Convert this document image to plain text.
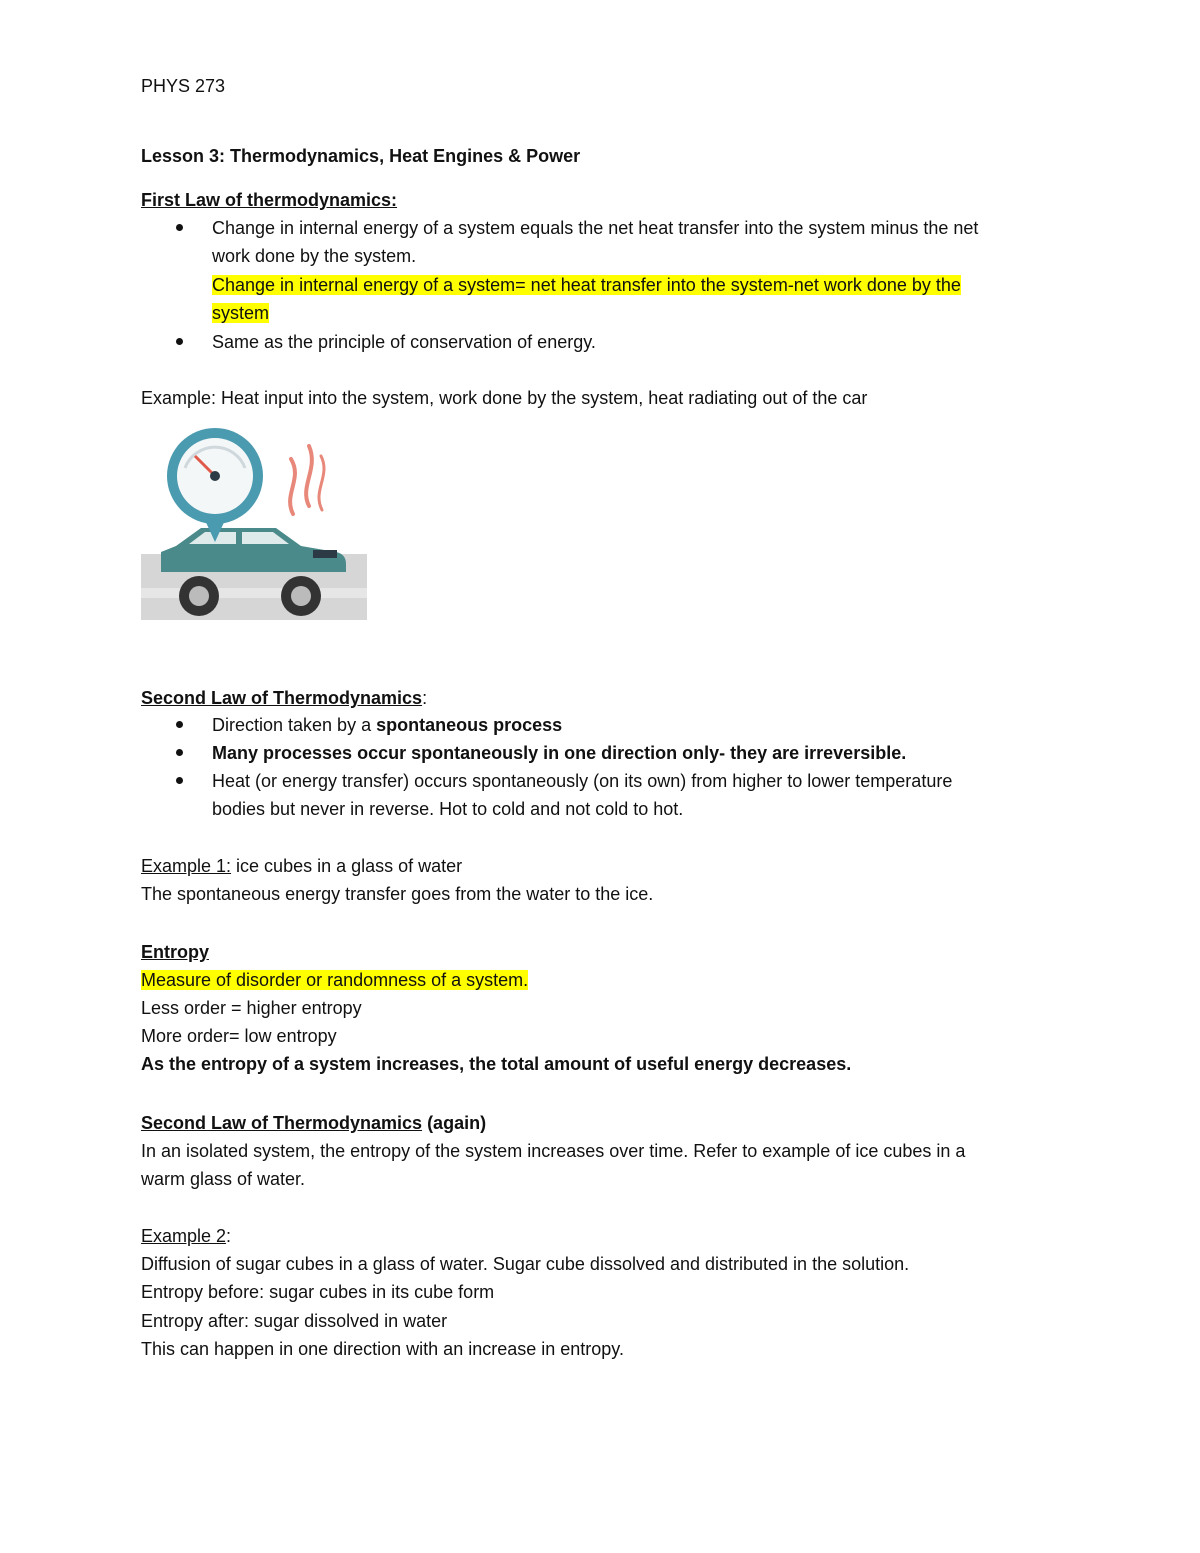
PHYS 273
Lesson 3: Thermodynamics, Heat Engines & Power
First Law of thermodynamics:
Change in internal energy of a system equals the net heat transfer into the system minus the net
work done by the system.
Change in internal energy of a system= net heat transfer into the system-net work done by the
system
Same as the principle of conservation of energy.
Example: Heat input into the system, work done by the system, heat radiating out of the car
Second Law of Thermodynamics:
Direction taken by a spontaneous process
Many processes occur spontaneously in one direction only- they are irreversible.
Heat (or energy transfer) occurs spontaneously (on its own) from higher to lower temperature
bodies but never in reverse. Hot to cold and not cold to hot.
Example 1: ice cubes in a glass of water
The spontaneous energy transfer goes from the water to the ice.
Entropy
Measure of disorder or randomness of a system.
Less order = higher entropy
More order= low entropy
As the entropy of a system increases, the total amount of useful energy decreases.
Second Law of Thermodynamics (again)
In an isolated system, the entropy of the system increases over time. Refer to example of ice cubes in a
warm glass of water.
Example 2:
Diffusion of sugar cubes in a glass of water. Sugar cube dissolved and distributed in the solution.
Entropy before: sugar cubes in its cube form
Entropy after: sugar dissolved in water
This can happen in one direction with an increase in entropy.
